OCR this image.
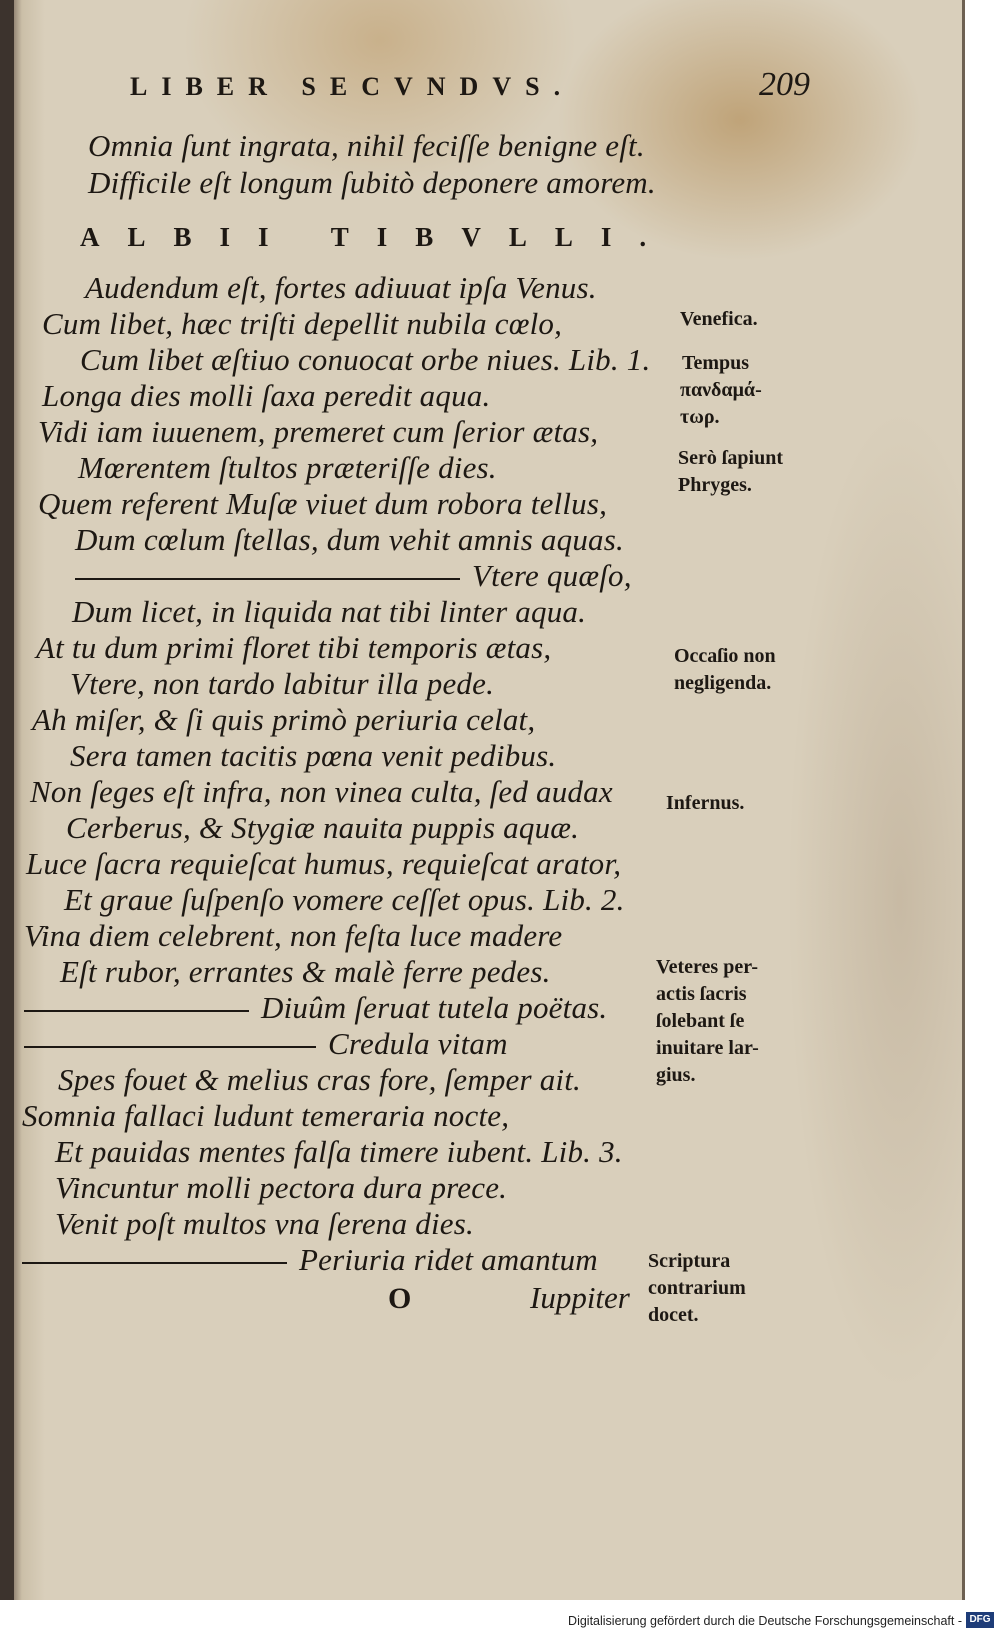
LIBER SECVNDVS.	209
Omnia ſunt ingrata, nihil feciſſe benigne eſt.
Difficile eſt longum ſubitò deponere amorem.
ALBII TIBVLLI.
Audendum eſt, fortes adiuuat ipſa Venus.
Cum libet, hæc triſti depellit nubila cœlo,
Cum libet æſtiuo conuocat orbe niues. Lib. 1.
Longa dies molli ſaxa peredit aqua.
Vidi iam iuuenem, premeret cum ſerior ætas,
Mœrentem ſtultos præteriſſe dies.
Quem referent Muſæ viuet dum robora tellus,
Dum cœlum ſtellas, dum vehit amnis aquas.
Vtere quæſo,
Dum licet, in liquida nat tibi linter aqua.
At tu dum primi floret tibi temporis ætas,
Vtere, non tardo labitur illa pede.
Ah miſer, & ſi quis primò periuria celat,
Sera tamen tacitis pœna venit pedibus.
Non ſeges eſt infra, non vinea culta, ſed audax
Cerberus, & Stygiæ nauita puppis aquæ.
Luce ſacra requieſcat humus, requieſcat arator,
Et graue ſuſpenſo vomere ceſſet opus. Lib. 2.
Vina diem celebrent, non feſta luce madere
Eſt rubor, errantes & malè ferre pedes.
Diuûm ſeruat tutela poëtas.
Credula vitam
Spes fouet & melius cras fore, ſemper ait.
Somnia fallaci ludunt temeraria nocte,
Et pauidas mentes falſa timere iubent. Lib. 3.
Vincuntur molli pectora dura prece.
Venit poſt multos vna ſerena dies.
Periuria ridet amantum
O	Iuppiter
Venefica.
Tempus
πανδαμά-
τωρ.
Serò ſapiunt
Phryges.
Occaſio non
negligenda.
Infernus.
Veteres per-
actis ſacris
ſolebant ſe
inuitare lar-
gius.
Scriptura
contrarium
docet.
Digitalisierung gefördert durch die Deutsche Forschungsgemeinschaft - DFG
